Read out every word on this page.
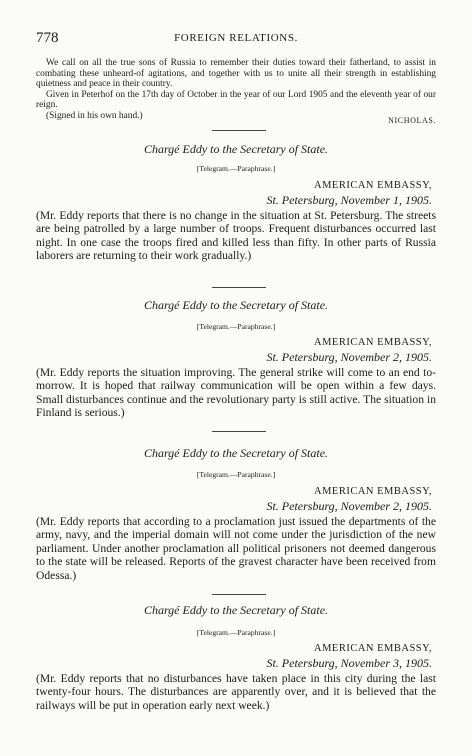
778	FOREIGN RELATIONS.
We call on all the true sons of Russia to remember their duties toward their fatherland, to assist in combating these unheard-of agitations, and together with us to unite all their strength in establishing quietness and peace in their country.
Given in Peterhof on the 17th day of October in the year of our Lord 1905 and the eleventh year of our reign.
(Signed in his own hand.)	NICHOLAS.
Chargé Eddy to the Secretary of State.
[Telegram.—Paraphrase.]
AMERICAN EMBASSY,
St. Petersburg, November 1, 1905.
(Mr. Eddy reports that there is no change in the situation at St. Petersburg. The streets are being patrolled by a large number of troops. Frequent disturbances occurred last night. In one case the troops fired and killed less than fifty. In other parts of Russia laborers are returning to their work gradually.)
Chargé Eddy to the Secretary of State.
[Telegram.—Paraphrase.]
AMERICAN EMBASSY,
St. Petersburg, November 2, 1905.
(Mr. Eddy reports the situation improving. The general strike will come to an end to-morrow. It is hoped that railway communication will be open within a few days. Small disturbances continue and the revolutionary party is still active. The situation in Finland is serious.)
Chargé Eddy to the Secretary of State.
[Telegram.—Paraphrase.]
AMERICAN EMBASSY,
St. Petersburg, November 2, 1905.
(Mr. Eddy reports that according to a proclamation just issued the departments of the army, navy, and the imperial domain will not come under the jurisdiction of the new parliament. Under another proclamation all political prisoners not deemed dangerous to the state will be released. Reports of the gravest character have been received from Odessa.)
Chargé Eddy to the Secretary of State.
[Telegram.—Paraphrase.]
AMERICAN EMBASSY,
St. Petersburg, November 3, 1905.
(Mr. Eddy reports that no disturbances have taken place in this city during the last twenty-four hours. The disturbances are apparently over, and it is believed that the railways will be put in operation early next week.)
